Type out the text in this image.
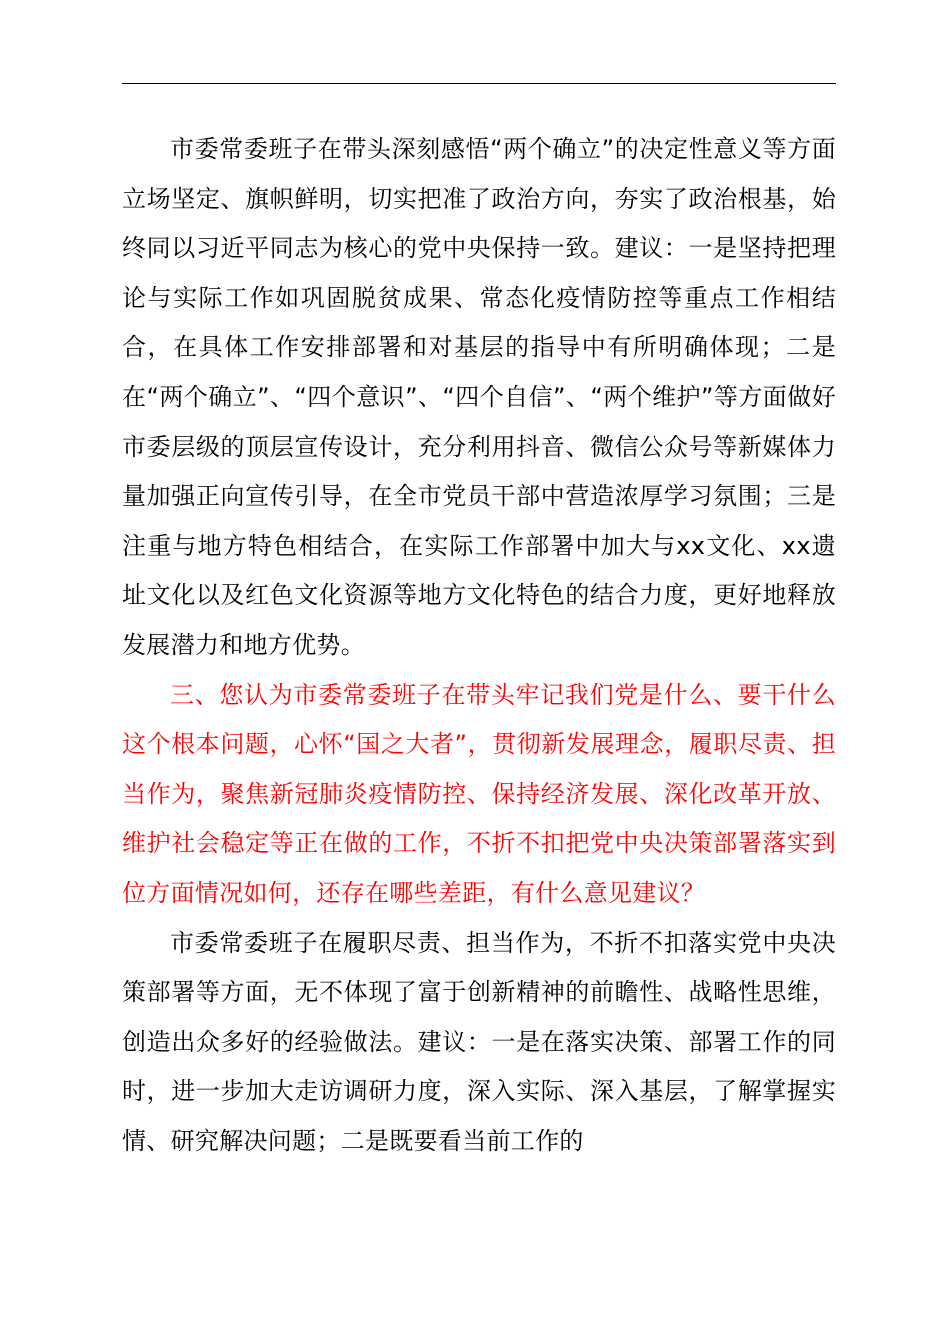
市委常委班子在带头深刻感悟“两个确立”的决定性意义等方面立场坚定、旗帜鲜明，切实把准了政治方向，夯实了政治根基，始终同以习近平同志为核心的党中央保持一致。建议：一是坚持把理论与实际工作如巩固脱贫成果、常态化疫情防控等重点工作相结合，在具体工作安排部署和对基层的指导中有所明确体现；二是在“两个确立”、“四个意识”、“四个自信”、“两个维护”等方面做好市委层级的顶层宣传设计，充分利用抖音、微信公众号等新媒体力量加强正向宣传引导，在全市党员干部中营造浓厚学习氛围；三是注重与地方特色相结合，在实际工作部署中加大与xx文化、xx遗址文化以及红色文化资源等地方文化特色的结合力度，更好地释放发展潜力和地方优势。

三、您认为市委常委班子在带头牢记我们党是什么、要干什么这个根本问题，心怀“国之大者”，贯彻新发展理念，履职尽责、担当作为，聚焦新冠肺炎疫情防控、保持经济发展、深化改革开放、维护社会稳定等正在做的工作，不折不扣把党中央决策部署落实到位方面情况如何，还存在哪些差距，有什么意见建议？

市委常委班子在履职尽责、担当作为，不折不扣落实党中央决策部署等方面，无不体现了富于创新精神的前瞻性、战略性思维，创造出众多好的经验做法。建议：一是在落实决策、部署工作的同时，进一步加大走访调研力度，深入实际、深入基层，了解掌握实情、研究解决问题；二是既要看当前工作的
